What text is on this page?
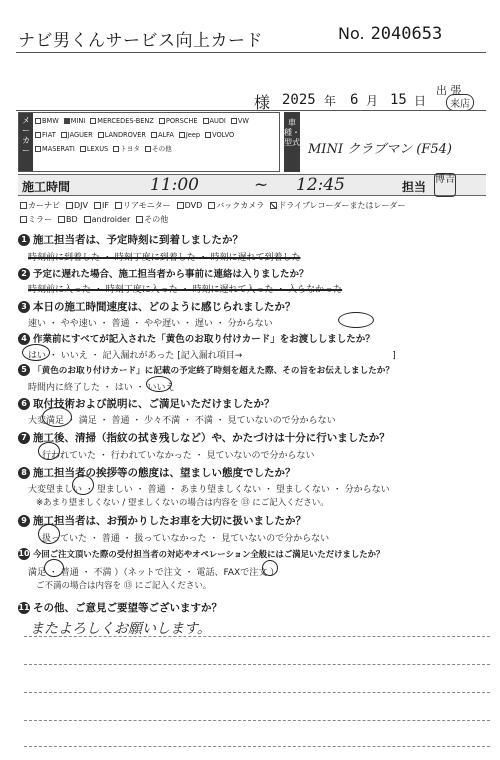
ナビ男くんサービス向上カード	No. 2040653
出 張
様 2025 年 6 月 15 日	来店
メーカー
BMW MINI MERCEDES-BENZ PORSCHE AUDI VW
FIAT JAGUER LANDROVER ALFA Jeep VOLVO
MASERATI LEXUS トヨタ その他
車種・型式 MINI クラブマン (F54)
施工時間	11:00	~ 12:45	担当
博吉
カーナビ DJV IF リアモニター DVD バックカメラ ドライブレコーダーまたはレーダー
ミラー BD androider その他
1 施工担当者は、予定時刻に到着しましたか？
時刻前に到着した ・ 時刻丁度に到着した ・ 時刻に遅れて到着した
2 予定に遅れた場合、施工担当者から事前に連絡は入りましたか？
時刻前に入った ・ 時刻丁度に入った ・ 時刻に遅れて入った ・ 入らなかった
3 本日の施工時間速度は、どのように感じられましたか？
速い ・ やや速い ・ 普通 ・ やや遅い ・ 遅い ・ 分からない
4 作業前にすべてが記入された「黄色のお取り付けカード」をお渡ししましたか？
はい ・ いいえ ・ 記入漏れがあった [記入漏れ項目→	]
5 「黄色のお取り付けカード」に記載の予定終了時刻を超えた際、その旨をお伝えしましたか？
時間内に終了した ・ はい ・ いいえ
6 取付技術および説明に、ご満足いただけましたか？
大変満足 ・ 満足 ・ 普通 ・ 少々不満 ・ 不満 ・ 見ていないので分からない
7 施工後、清掃（指紋の拭き残しなど）や、かたづけは十分に行いましたか？
行われていた ・ 行われていなかった ・ 見ていないので分からない
8 施工担当者の挨拶等の態度は、望ましい態度でしたか？
大変望ましい ・ 望ましい ・ 普通 ・ あまり望ましくない ・ 望ましくない ・ 分からない
※あまり望ましくない / 望ましくないの場合は内容を ⑬ にご記入ください。
9 施工担当者は、お預かりしたお車を大切に扱いましたか？
扱っていた ・ 普通 ・ 扱っていなかった ・ 見ていないので分からない
10 今回ご注文頂いた際の受付担当者の対応やオペレーション全般にはご満足いただけましたか？
満足 ・ 普通 ・ 不満 ）（ネットで注文 ・ 電話、FAXで注文 ）
ご不満の場合は内容を ⑬ にご記入ください。
11 その他、ご意見ご要望等ございますか？
またよろしくお願いします。
